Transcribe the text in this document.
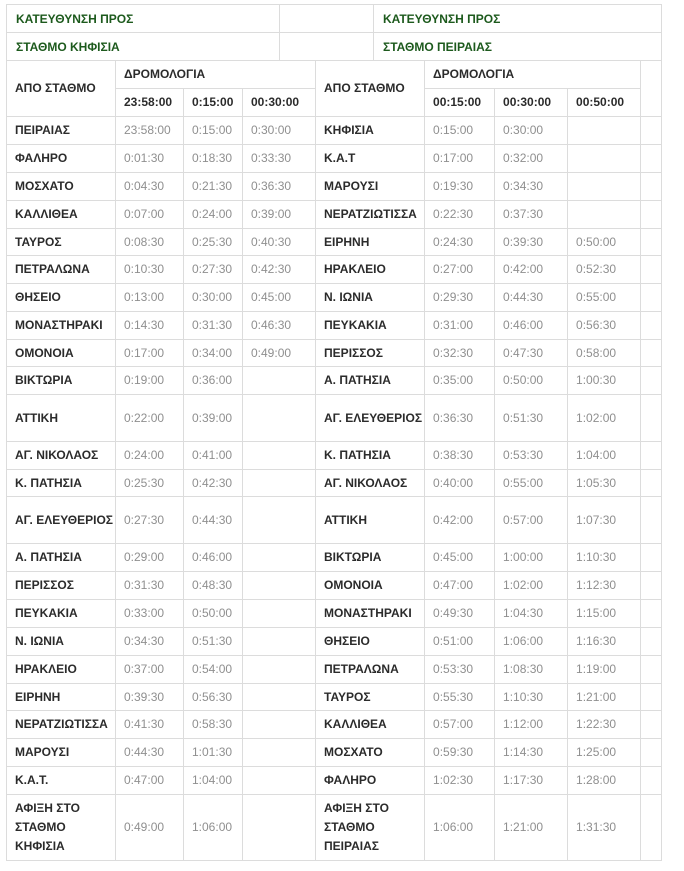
ΚΑΤΕΥΘΥΝΣΗ ΠΡΟΣ		ΚΑΤΕΥΘΥΝΣΗ ΠΡΟΣ
ΣΤΑΘΜΟ ΚΗΦΙΣΙΑ		ΣΤΑΘΜΟ ΠΕΙΡΑΙΑΣ
ΑΠΟ ΣΤΑΘΜΟ	ΔΡΟΜΟΛΟΓΙΑ			ΑΠΟ ΣΤΑΘΜΟ	ΔΡΟΜΟΛΟΓΙΑ			
	23:58:00	0:15:00	00:30:00		00:15:00	00:30:00	00:50:00	
ΠΕΙΡΑΙΑΣ	23:58:00	0:15:00	0:30:00	ΚΗΦΙΣΙΑ	0:15:00	0:30:00		
ΦΑΛΗΡΟ	0:01:30	0:18:30	0:33:30	Κ.Α.Τ	0:17:00	0:32:00		
ΜΟΣΧΑΤΟ	0:04:30	0:21:30	0:36:30	ΜΑΡΟΥΣΙ	0:19:30	0:34:30		
ΚΑΛΛΙΘΕΑ	0:07:00	0:24:00	0:39:00	ΝΕΡΑΤΖΙΩΤΙΣΣΑ	0:22:30	0:37:30		
ΤΑΥΡΟΣ	0:08:30	0:25:30	0:40:30	ΕΙΡΗΝΗ	0:24:30	0:39:30	0:50:00	
ΠΕΤΡΑΛΩΝΑ	0:10:30	0:27:30	0:42:30	ΗΡΑΚΛΕΙΟ	0:27:00	0:42:00	0:52:30	
ΘΗΣΕΙΟ	0:13:00	0:30:00	0:45:00	Ν. ΙΩΝΙΑ	0:29:30	0:44:30	0:55:00	
ΜΟΝΑΣΤΗΡΑΚΙ	0:14:30	0:31:30	0:46:30	ΠΕΥΚΑΚΙΑ	0:31:00	0:46:00	0:56:30	
ΟΜΟΝΟΙΑ	0:17:00	0:34:00	0:49:00	ΠΕΡΙΣΣΟΣ	0:32:30	0:47:30	0:58:00	
ΒΙΚΤΩΡΙΑ	0:19:00	0:36:00		Α. ΠΑΤΗΣΙΑ	0:35:00	0:50:00	1:00:30	
ΑΤΤΙΚΗ	0:22:00	0:39:00		ΑΓ. ΕΛΕΥΘΕΡΙΟΣ	0:36:30	0:51:30	1:02:00	
ΑΓ. ΝΙΚΟΛΑΟΣ	0:24:00	0:41:00		Κ. ΠΑΤΗΣΙΑ	0:38:30	0:53:30	1:04:00	
Κ. ΠΑΤΗΣΙΑ	0:25:30	0:42:30		ΑΓ. ΝΙΚΟΛΑΟΣ	0:40:00	0:55:00	1:05:30	
ΑΓ. ΕΛΕΥΘΕΡΙΟΣ	0:27:30	0:44:30		ΑΤΤΙΚΗ	0:42:00	0:57:00	1:07:30	
Α. ΠΑΤΗΣΙΑ	0:29:00	0:46:00		ΒΙΚΤΩΡΙΑ	0:45:00	1:00:00	1:10:30	
ΠΕΡΙΣΣΟΣ	0:31:30	0:48:30		ΟΜΟΝΟΙΑ	0:47:00	1:02:00	1:12:30	
ΠΕΥΚΑΚΙΑ	0:33:00	0:50:00		ΜΟΝΑΣΤΗΡΑΚΙ	0:49:30	1:04:30	1:15:00	
Ν. ΙΩΝΙΑ	0:34:30	0:51:30		ΘΗΣΕΙΟ	0:51:00	1:06:00	1:16:30	
ΗΡΑΚΛΕΙΟ	0:37:00	0:54:00		ΠΕΤΡΑΛΩΝΑ	0:53:30	1:08:30	1:19:00	
ΕΙΡΗΝΗ	0:39:30	0:56:30		ΤΑΥΡΟΣ	0:55:30	1:10:30	1:21:00	
ΝΕΡΑΤΖΙΩΤΙΣΣΑ	0:41:30	0:58:30		ΚΑΛΛΙΘΕΑ	0:57:00	1:12:00	1:22:30	
ΜΑΡΟΥΣΙ	0:44:30	1:01:30		ΜΟΣΧΑΤΟ	0:59:30	1:14:30	1:25:00	
Κ.Α.Τ.	0:47:00	1:04:00		ΦΑΛΗΡΟ	1:02:30	1:17:30	1:28:00	
ΑΦΙΞΗ ΣΤΟ ΣΤΑΘΜΟ ΚΗΦΙΣΙΑ	0:49:00	1:06:00		ΑΦΙΞΗ ΣΤΟ ΣΤΑΘΜΟ ΠΕΙΡΑΙΑΣ	1:06:00	1:21:00	1:31:30	
